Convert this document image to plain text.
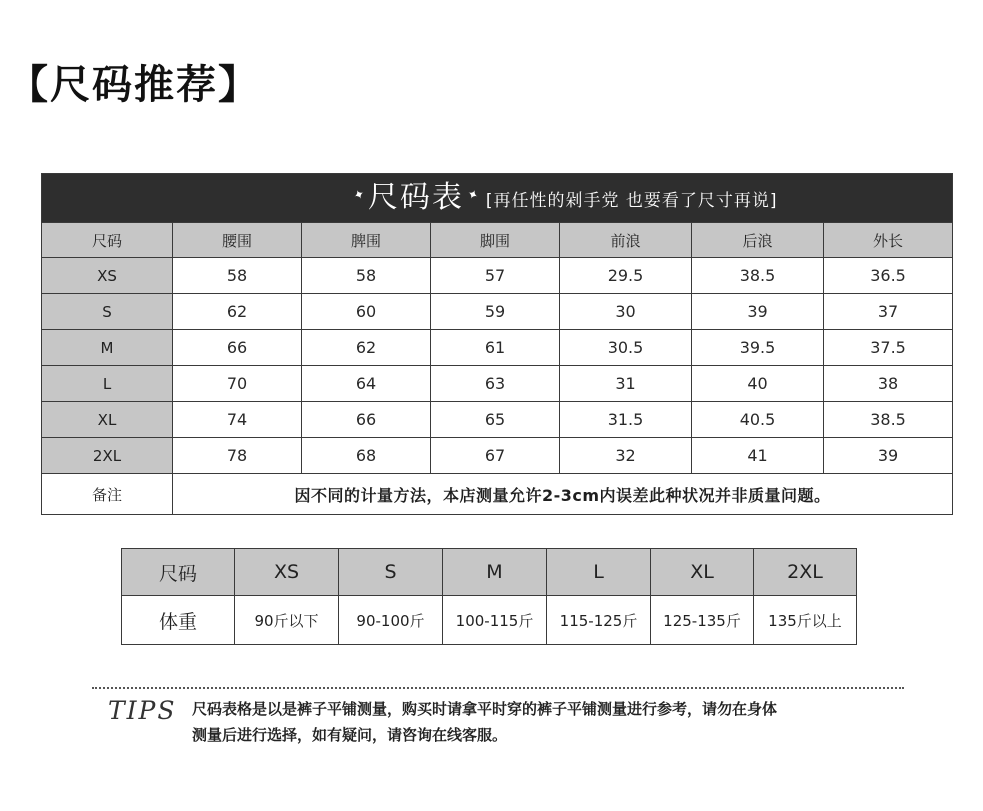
【尺码推荐】
✦ 尺码表 ✦ [再任性的剁手党 也要看了尺寸再说]						

尺码	腰围	脾围	脚围	前浪	后浪	外长
XS	58	58	57	29.5	38.5	36.5
S	62	60	59	30	39	37
M	66	62	61	30.5	39.5	37.5
L	70	64	63	31	40	38
XL	74	66	65	31.5	40.5	38.5
2XL	78	68	67	32	41	39
备注	因不同的计量方法，本店测量允许2-3cm内误差此种状况并非质量问题。					
尺码	XS	S	M	L	XL	2XL
体重	90斤以下	90-100斤	100-115斤	115-125斤	125-135斤	135斤以上
TIPS 尺码表格是以是裤子平铺测量，购买时请拿平时穿的裤子平铺测量进行参考，请勿在身体

测量后进行选择，如有疑问，请咨询在线客服。
